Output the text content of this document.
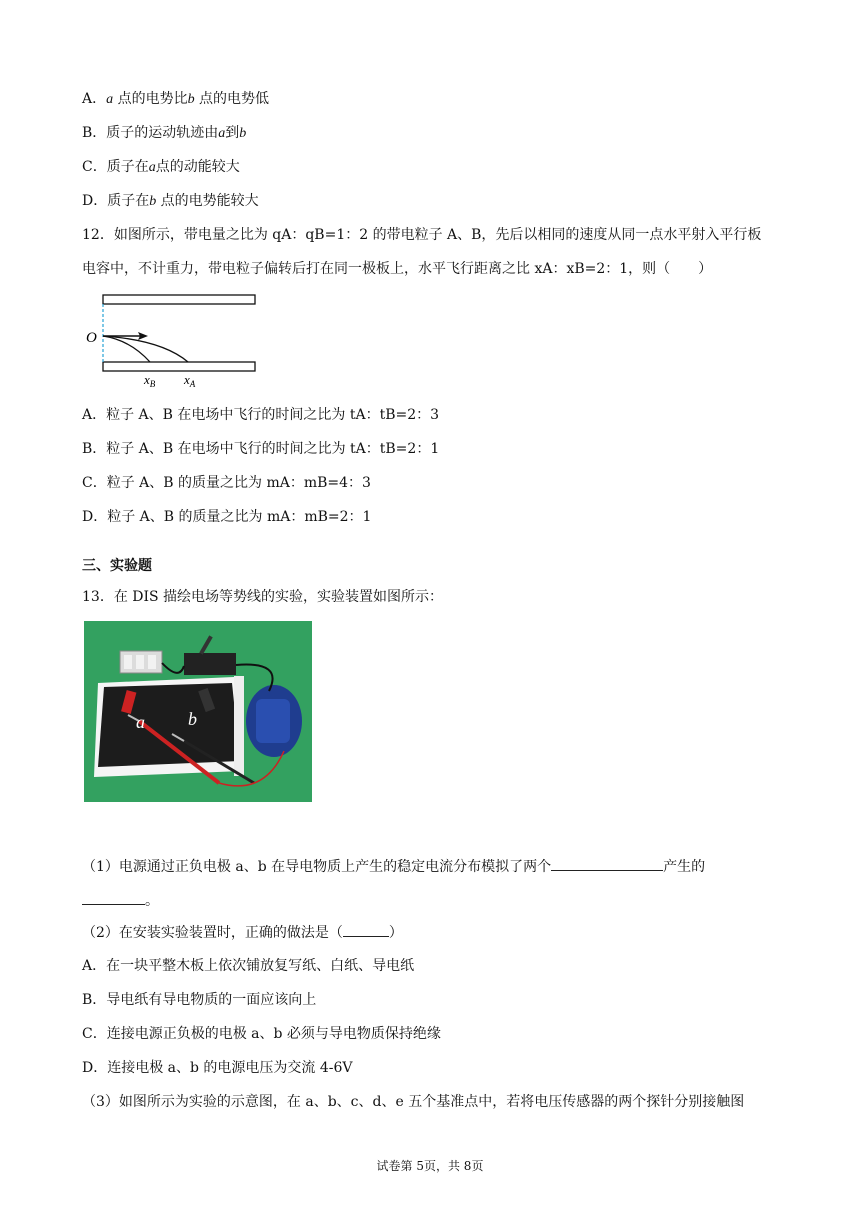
A．a 点的电势比b 点的电势低
B．质子的运动轨迹由a到b
C．质子在a点的动能较大
D．质子在b 点的电势能较大
12．如图所示，带电量之比为 qA：qB=1：2 的带电粒子 A、B，先后以相同的速度从同一点水平射入平行板
电容中，不计重力，带电粒子偏转后打在同一极板上，水平飞行距离之比 xA：xB=2：1，则（　　）
O
$x_B$ $x_A$
A．粒子 A、B 在电场中飞行的时间之比为 tA：tB=2：3
B．粒子 A、B 在电场中飞行的时间之比为 tA：tB=2：1
C．粒子 A、B 的质量之比为 mA：mB=4：3
D．粒子 A、B 的质量之比为 mA：mB=2：1
三、实验题
13．在 DIS 描绘电场等势线的实验，实验装置如图所示：
a b
（1）电源通过正负电极 a、b 在导电物质上产生的稳定电流分布模拟了两个	产生的
。
（2）在安装实验装置时，正确的做法是（	）
A．在一块平整木板上依次铺放复写纸、白纸、导电纸
B．导电纸有导电物质的一面应该向上
C．连接电源正负极的电极 a、b 必须与导电物质保持绝缘
D．连接电极 a、b 的电源电压为交流 4-6V
（3）如图所示为实验的示意图，在 a、b、c、d、e 五个基准点中，若将电压传感器的两个探针分别接触图
试卷第 5页，共 8页
